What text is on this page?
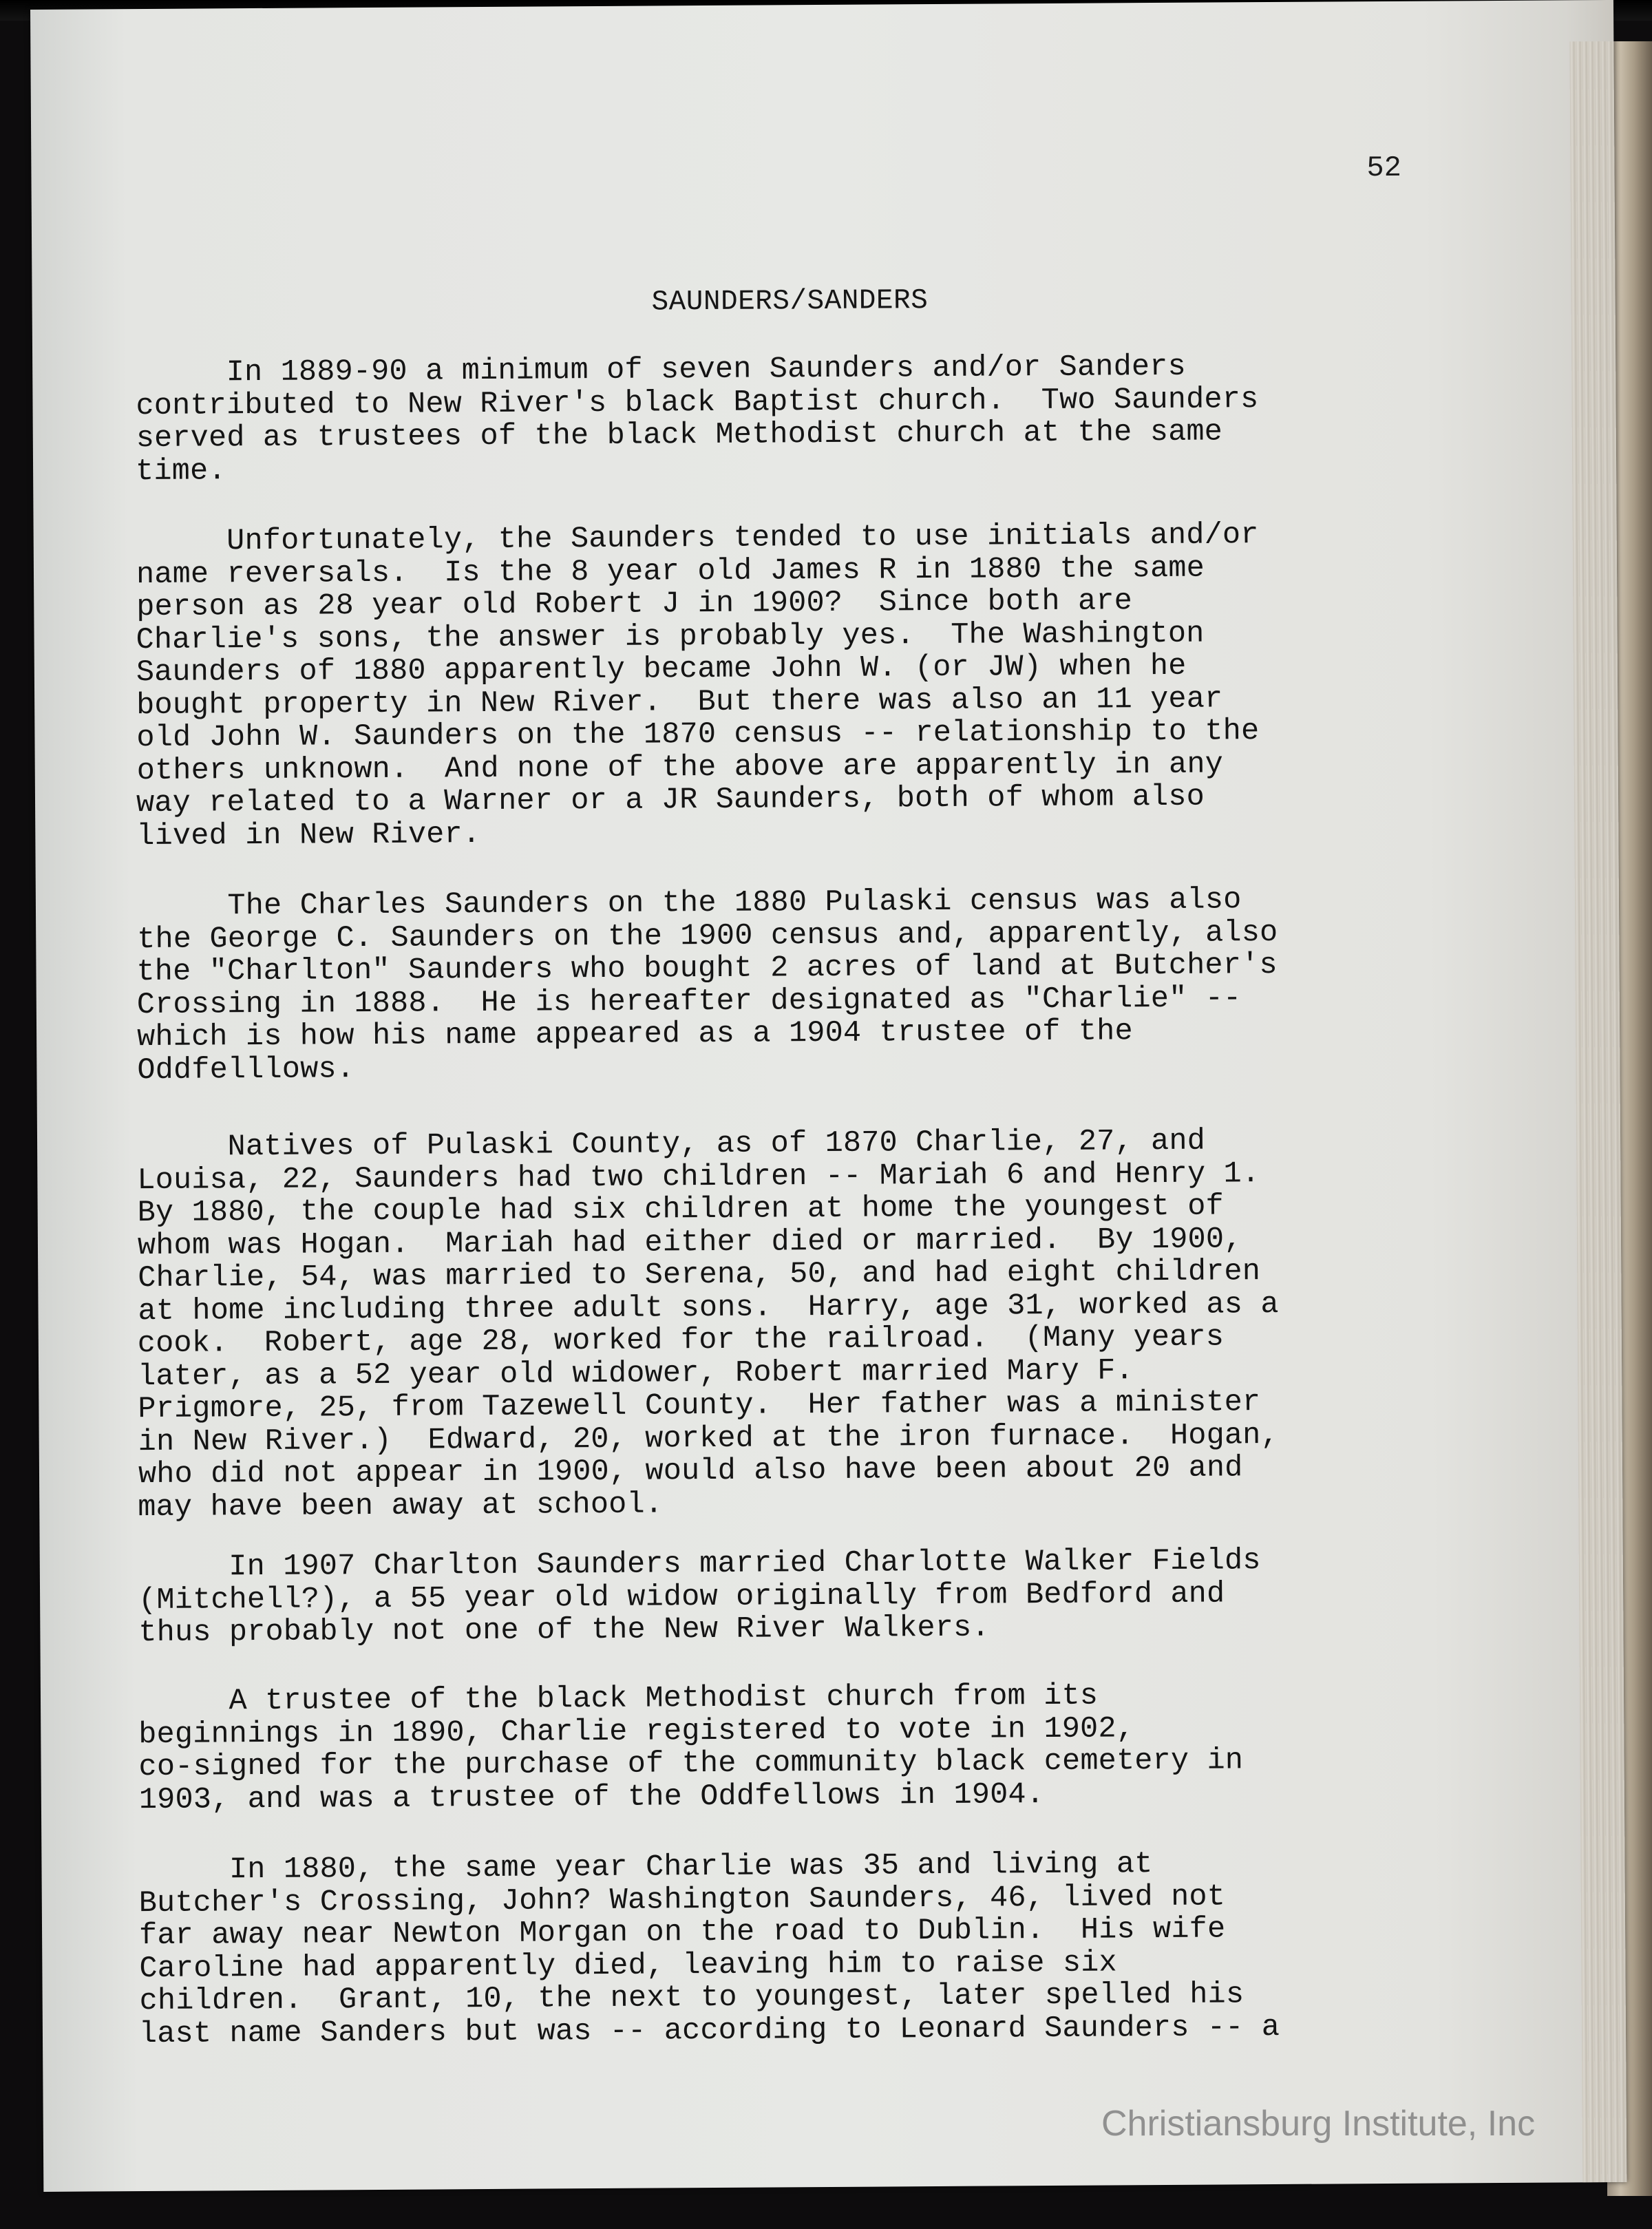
52
SAUNDERS/SANDERS
In 1889-90 a minimum of seven Saunders and/or Sanders
contributed to New River's black Baptist church.  Two Saunders
served as trustees of the black Methodist church at the same
time.
Unfortunately, the Saunders tended to use initials and/or
name reversals.  Is the 8 year old James R in 1880 the same
person as 28 year old Robert J in 1900?  Since both are
Charlie's sons, the answer is probably yes.  The Washington
Saunders of 1880 apparently became John W. (or JW) when he
bought property in New River.  But there was also an 11 year
old John W. Saunders on the 1870 census -- relationship to the
others unknown.  And none of the above are apparently in any
way related to a Warner or a JR Saunders, both of whom also
lived in New River.
The Charles Saunders on the 1880 Pulaski census was also
the George C. Saunders on the 1900 census and, apparently, also
the "Charlton" Saunders who bought 2 acres of land at Butcher's
Crossing in 1888.  He is hereafter designated as "Charlie" --
which is how his name appeared as a 1904 trustee of the
Oddfelllows.
Natives of Pulaski County, as of 1870 Charlie, 27, and
Louisa, 22, Saunders had two children -- Mariah 6 and Henry 1.
By 1880, the couple had six children at home the youngest of
whom was Hogan.  Mariah had either died or married.  By 1900,
Charlie, 54, was married to Serena, 50, and had eight children
at home including three adult sons.  Harry, age 31, worked as a
cook.  Robert, age 28, worked for the railroad.  (Many years
later, as a 52 year old widower, Robert married Mary F.
Prigmore, 25, from Tazewell County.  Her father was a minister
in New River.)  Edward, 20, worked at the iron furnace.  Hogan,
who did not appear in 1900, would also have been about 20 and
may have been away at school.
In 1907 Charlton Saunders married Charlotte Walker Fields
(Mitchell?), a 55 year old widow originally from Bedford and
thus probably not one of the New River Walkers.
A trustee of the black Methodist church from its
beginnings in 1890, Charlie registered to vote in 1902,
co-signed for the purchase of the community black cemetery in
1903, and was a trustee of the Oddfellows in 1904.
In 1880, the same year Charlie was 35 and living at
Butcher's Crossing, John? Washington Saunders, 46, lived not
far away near Newton Morgan on the road to Dublin.  His wife
Caroline had apparently died, leaving him to raise six
children.  Grant, 10, the next to youngest, later spelled his
last name Sanders but was -- according to Leonard Saunders -- a
Christiansburg Institute, Inc
